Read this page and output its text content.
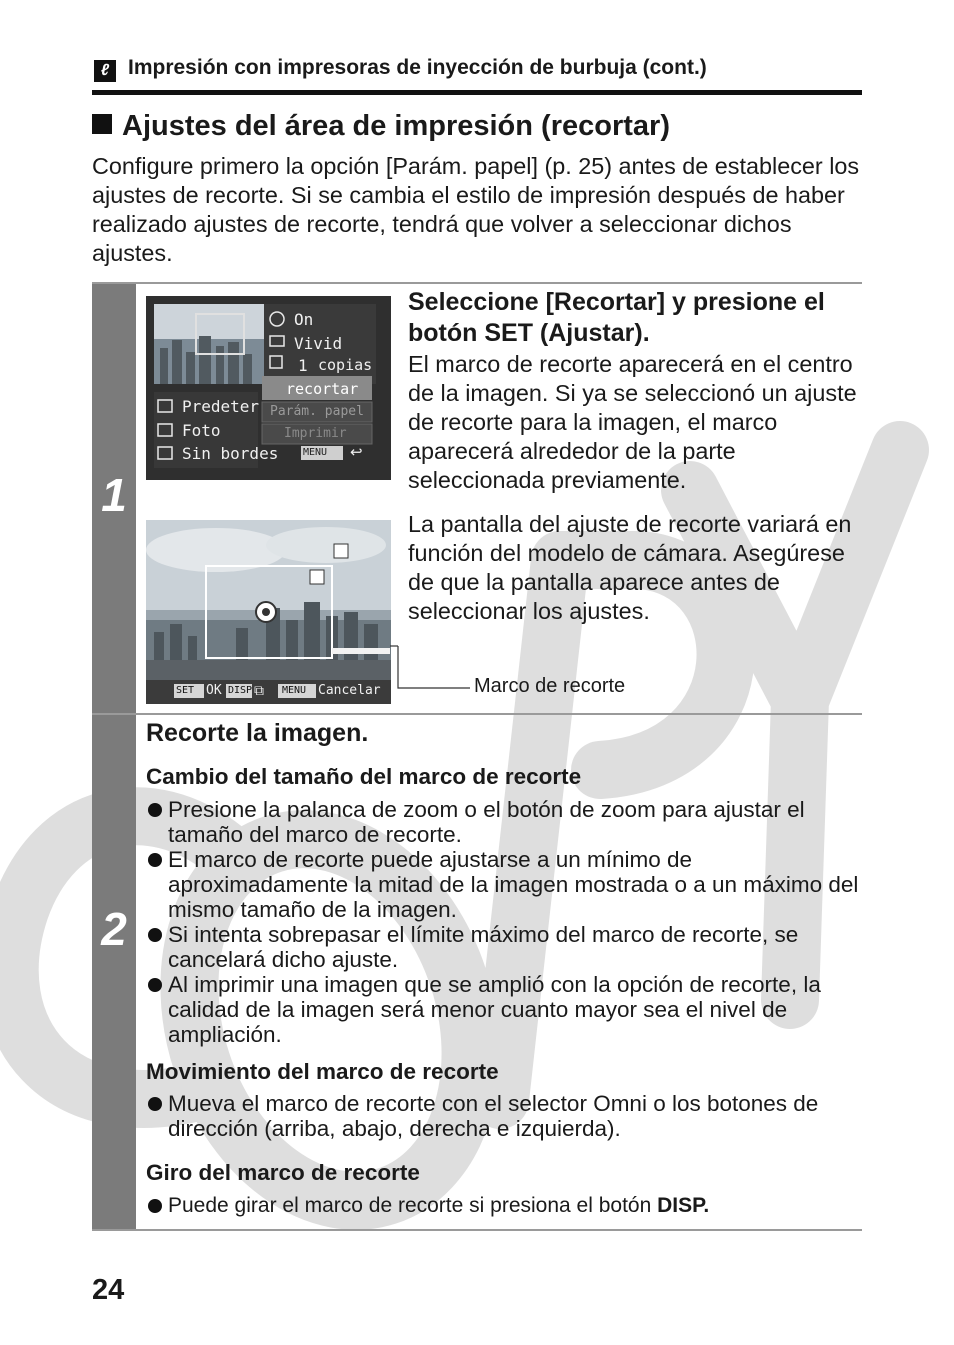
ℓ Impresión con impresoras de inyección de burbuja (cont.)
Ajustes del área de impresión (recortar)
Configure primero la opción [Parám. papel] (p. 25) antes de establecer los ajustes de recorte. Si se cambia el estilo de impresión después de haber realizado ajustes de recorte, tendrá que volver a seleccionar dichos ajustes.
1
On
Vivid
1 copias
recortar
Parám. papel
Imprimir
Predeter
Foto
Sin bordes MENU ↩
SET OK DISP ⧉ MENU Cancelar	Marco de recorte
Seleccione [Recortar] y presione el botón SET (Ajustar).
El marco de recorte aparecerá en el centro de la imagen. Si ya se seleccionó un ajuste de recorte para la imagen, el marco aparecerá alrededor de la parte seleccionada previamente.
La pantalla del ajuste de recorte variará en función del modelo de cámara. Asegúrese de que la pantalla aparece antes de seleccionar los ajustes.
2
Recorte la imagen.
Cambio del tamaño del marco de recorte
Presione la palanca de zoom o el botón de zoom para ajustar el tamaño del marco de recorte.
El marco de recorte puede ajustarse a un mínimo de aproximadamente la mitad de la imagen mostrada o a un máximo del mismo tamaño de la imagen.
Si intenta sobrepasar el límite máximo del marco de recorte, se cancelará dicho ajuste.
Al imprimir una imagen que se amplió con la opción de recorte, la calidad de la imagen será menor cuanto mayor sea el nivel de ampliación.
Movimiento del marco de recorte
Mueva el marco de recorte con el selector Omni o los botones de dirección (arriba, abajo, derecha e izquierda).
Giro del marco de recorte
Puede girar el marco de recorte si presiona el botón DISP.
24
